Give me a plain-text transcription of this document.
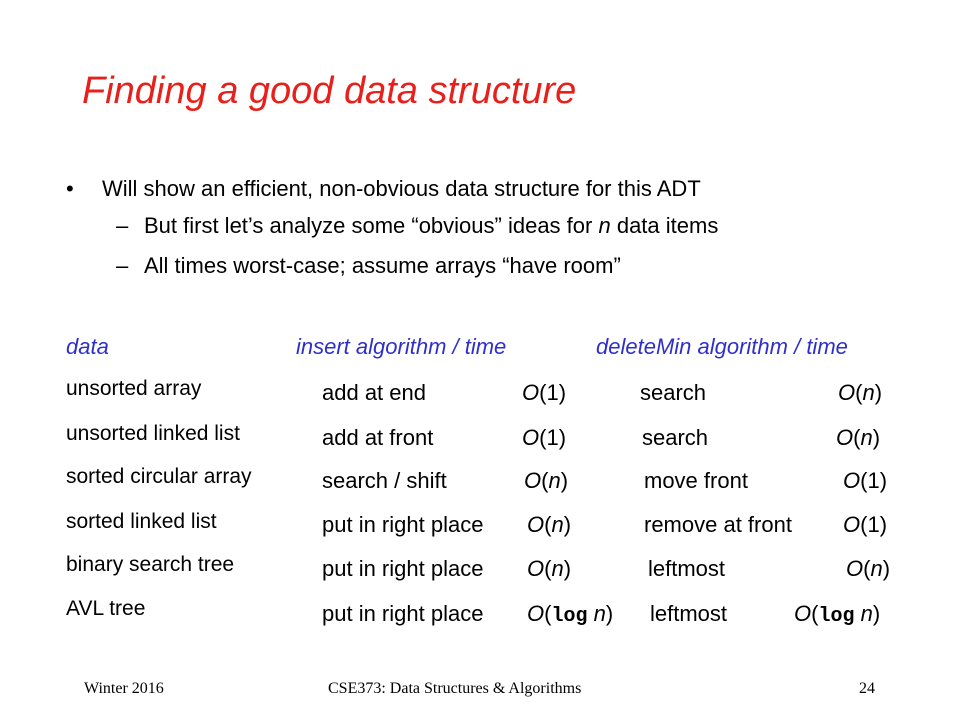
Finding a good data structure
• Will show an efficient, non-obvious data structure for this ADT
– But first let’s analyze some “obvious” ideas for n data items
– All times worst-case; assume arrays “have room”
data	insert algorithm / time	deleteMin algorithm / time
unsorted array	add at end	O(1)	search	O(n)
unsorted linked list	add at front	O(1)	search	O(n)
sorted circular array	search / shift	O(n)	move front	O(1)
sorted linked list	put in right place O(n)	remove at front O(1)
binary search tree	put in right place O(n)	leftmost	O(n)
AVL tree	put in right place O(log n) leftmost	O(log n)
Winter 2016	CSE373: Data Structures & Algorithms	24
